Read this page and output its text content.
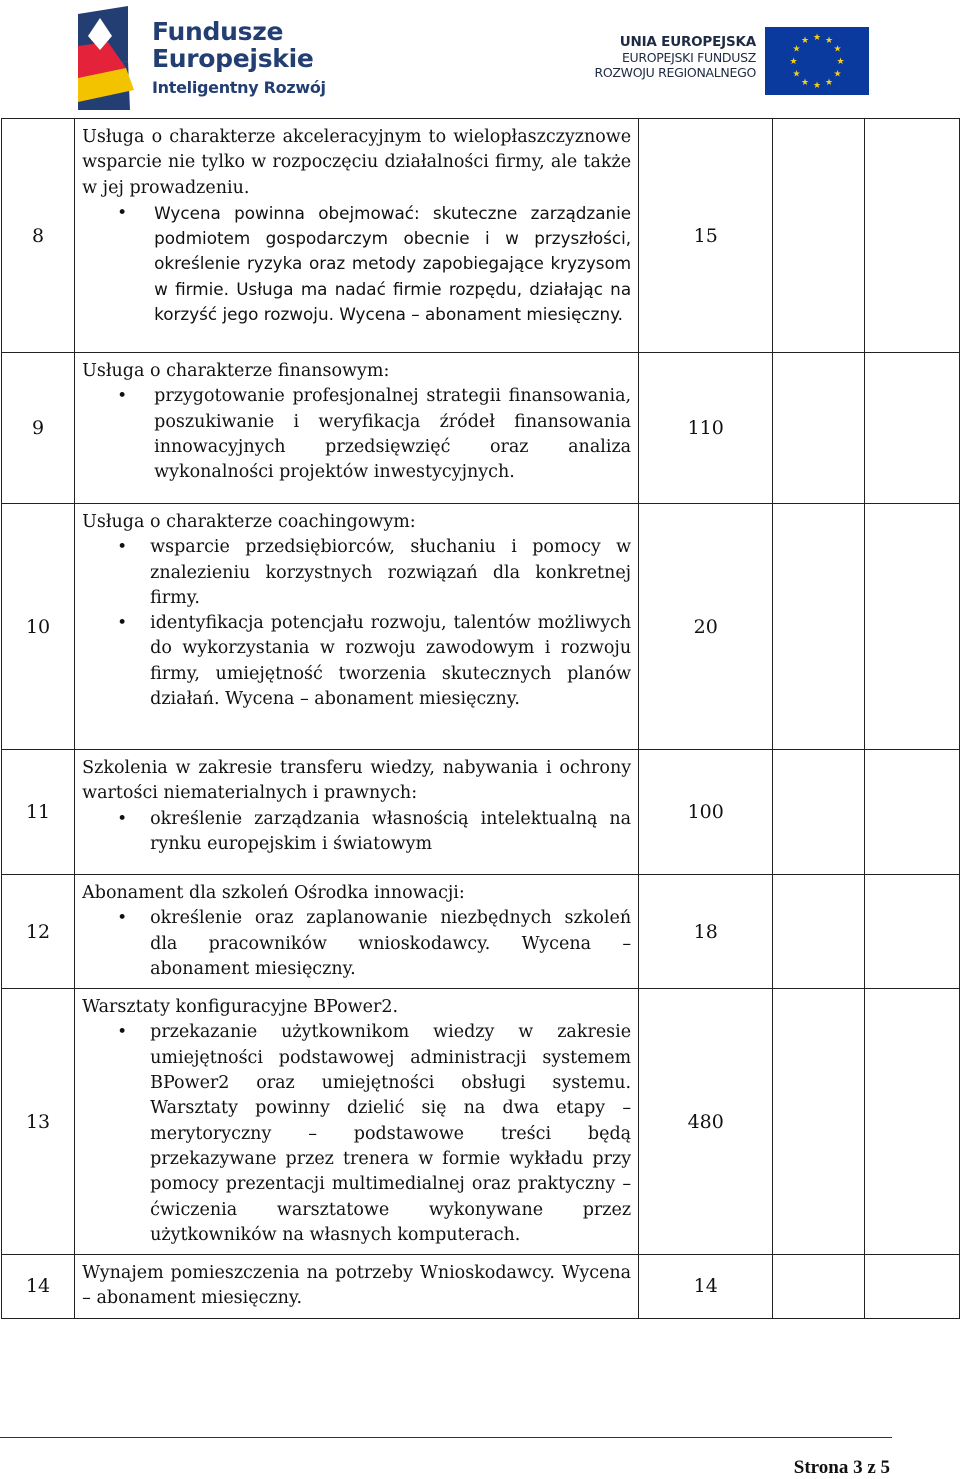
Fundusze
Europejskie
Inteligentny Rozwój
UNIA EUROPEJSKA
EUROPEJSKI FUNDUSZ
ROZWOJU REGIONALNEGO
★ ★
★
★
★
★
★
★
★
★
★
★
8	Usługa o charakterze akceleracyjnym to wielopłaszczyznowe wsparcie nie tylko w rozpoczęciu działalności firmy, ale także w jej prowadzeniu.

• Wycena powinna obejmować: skuteczne zarządzanie podmiotem gospodarczym obecnie i w przyszłości, określenie ryzyka oraz metody zapobiegające kryzysom w firmie. Usługa ma nadać firmie rozpędu, działając na korzyść jego rozwoju. Wycena – abonament miesięczny.	15		
9	Usługa o charakterze finansowym:

• przygotowanie profesjonalnej strategii finansowania, poszukiwanie i weryfikacja źródeł finansowania innowacyjnych przedsięwzięć oraz analiza wykonalności projektów inwestycyjnych.	110		
10	Usługa o charakterze coachingowym:

• wsparcie przedsiębiorców, słuchaniu i pomocy w znalezieniu korzystnych rozwiązań dla konkretnej firmy.

• identyfikacja potencjału rozwoju, talentów możliwych do wykorzystania w rozwoju zawodowym i rozwoju firmy, umiejętność tworzenia skutecznych planów działań. Wycena – abonament miesięczny.	20		
11	Szkolenia w zakresie transferu wiedzy, nabywania i ochrony wartości niematerialnych i prawnych:

• określenie zarządzania własnością intelektualną na rynku europejskim i światowym	100		
12	Abonament dla szkoleń Ośrodka innowacji:

• określenie oraz zaplanowanie niezbędnych szkoleń dla pracowników wnioskodawcy. Wycena – abonament miesięczny.	18		
13	Warsztaty konfiguracyjne BPower2.

• przekazanie użytkownikom wiedzy w zakresie umiejętności podstawowej administracji systemem BPower2 oraz umiejętności obsługi systemu. Warsztaty powinny dzielić się na dwa etapy – merytoryczny – podstawowe treści będą przekazywane przez trenera w formie wykładu przy pomocy prezentacji multimedialnej oraz praktyczny – ćwiczenia warsztatowe wykonywane przez użytkowników na własnych komputerach.	480		
14	Wynajem pomieszczenia na potrzeby Wnioskodawcy. Wycena – abonament miesięczny.	14		
Strona 3 z 5
